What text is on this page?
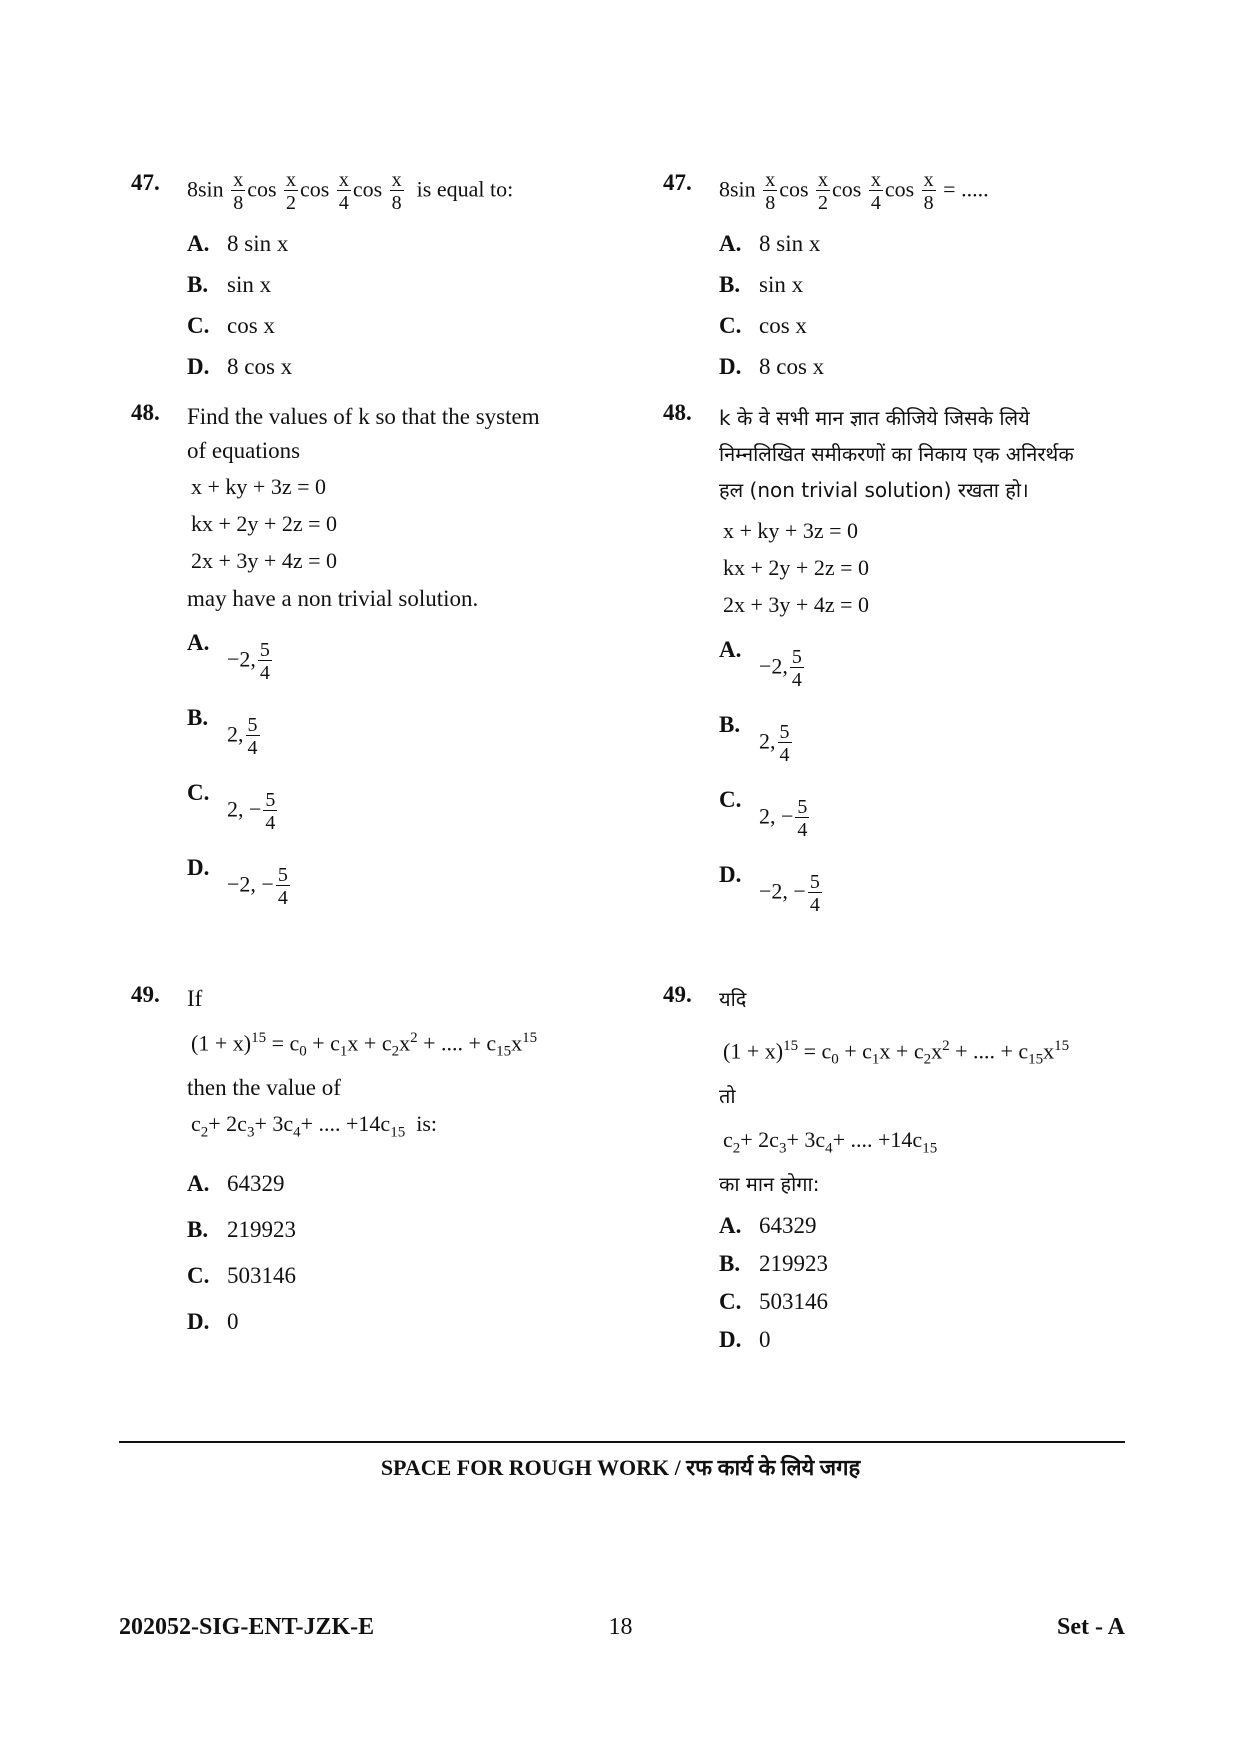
47. $8\sin \frac{x}{8}$ $\cos \frac{x}{2}$ $\cos \frac{x}{4}$ $\cos \frac{x}{8}$ is equal to:
A. 8 sin x
B. sin x
C. cos x
D. 8 cos x
48. Find the values of k so that the system
of equations
x + ky + 3z = 0
kx + 2y + 2z = 0
2x + 3y + 4z = 0
may have a non trivial solution.
A.
−2, $\frac{5}{4}$
B.
2, $\frac{5}{4}$
C.
2, − $\frac{5}{4}$
D.
−2, − $\frac{5}{4}$
49. If
$(1 + x)^{15} = c_0 + c_1x + c_2x^2$ + .... + $c_{15}x^{15}$
then the value of
$c_2+ 2c_3+ 3c_4+$ .... $+14c_{15}$ is:
A. 64329
B. 219923
C. 503146
D. 0
47. $8\sin \frac{x}{8}$ $\cos \frac{x}{2}$ $\cos \frac{x}{4}$ $\cos \frac{x}{8}$ = .....
A. 8 sin x
B. sin x
C. cos x
D. 8 cos x
48. k के वे सभी मान ज्ञात कीजिये जिसके लिये
निम्नलिखित समीकरणों का निकाय एक अनिरर्थक
हल (non trivial solution) रखता हो।
x + ky + 3z = 0
kx + 2y + 2z = 0
2x + 3y + 4z = 0
A.
−2, $\frac{5}{4}$
B.
2, $\frac{5}{4}$
C.
2, − $\frac{5}{4}$
D.
−2, − $\frac{5}{4}$
49. यदि
$(1 + x)^{15} = c_0 + c_1x + c_2x^2$ + .... + $c_{15}x^{15}$
तो
$c_2+ 2c_3+ 3c_4+$ .... $+14c_{15}$
का मान होगा:
A. 64329
B. 219923
C. 503146
D. 0
SPACE FOR ROUGH WORK / रफ कार्य के लिये जगह
202052-SIG-ENT-JZK-E	18	Set - A
